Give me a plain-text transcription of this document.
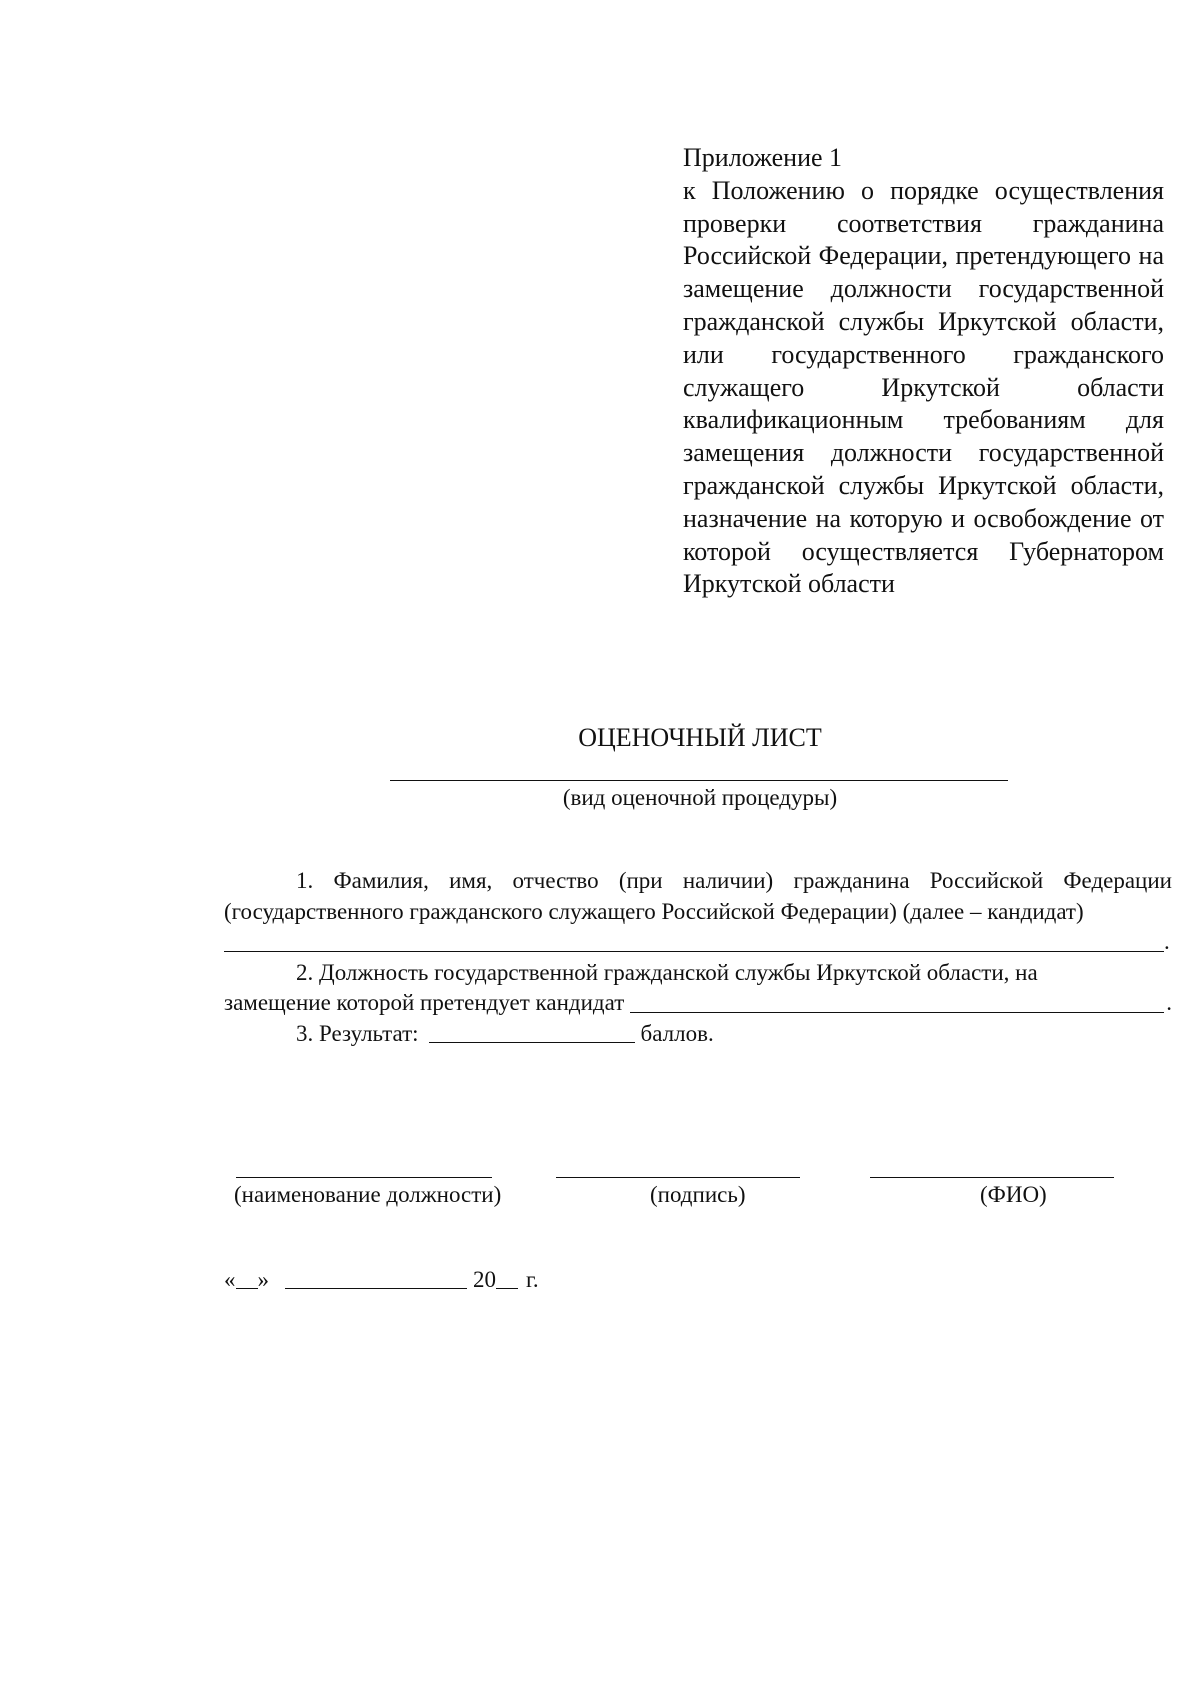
Приложение 1
к Положению о порядке осуществления проверки соответствия гражданина Российской Федерации, претендующего на замещение должности государственной гражданской службы Иркутской области, или государственного гражданского служащего Иркутской области квалификационным требованиям для замещения должности государственной гражданской службы Иркутской области, назначение на которую и освобождение от которой осуществляется Губернатором Иркутской области
ОЦЕНОЧНЫЙ ЛИСТ
(вид оценочной процедуры)

1. Фамилия, имя, отчество (при наличии) гражданина Российской Федерации (государственного гражданского служащего Российской Федерации) (далее – кандидат)

.

2. Должность государственной гражданской службы Иркутской области, на

замещение которой претендует кандидат	.
3. Результат:	баллов.
(наименование должности)	(подпись)	(ФИО)
« »	20 г.
